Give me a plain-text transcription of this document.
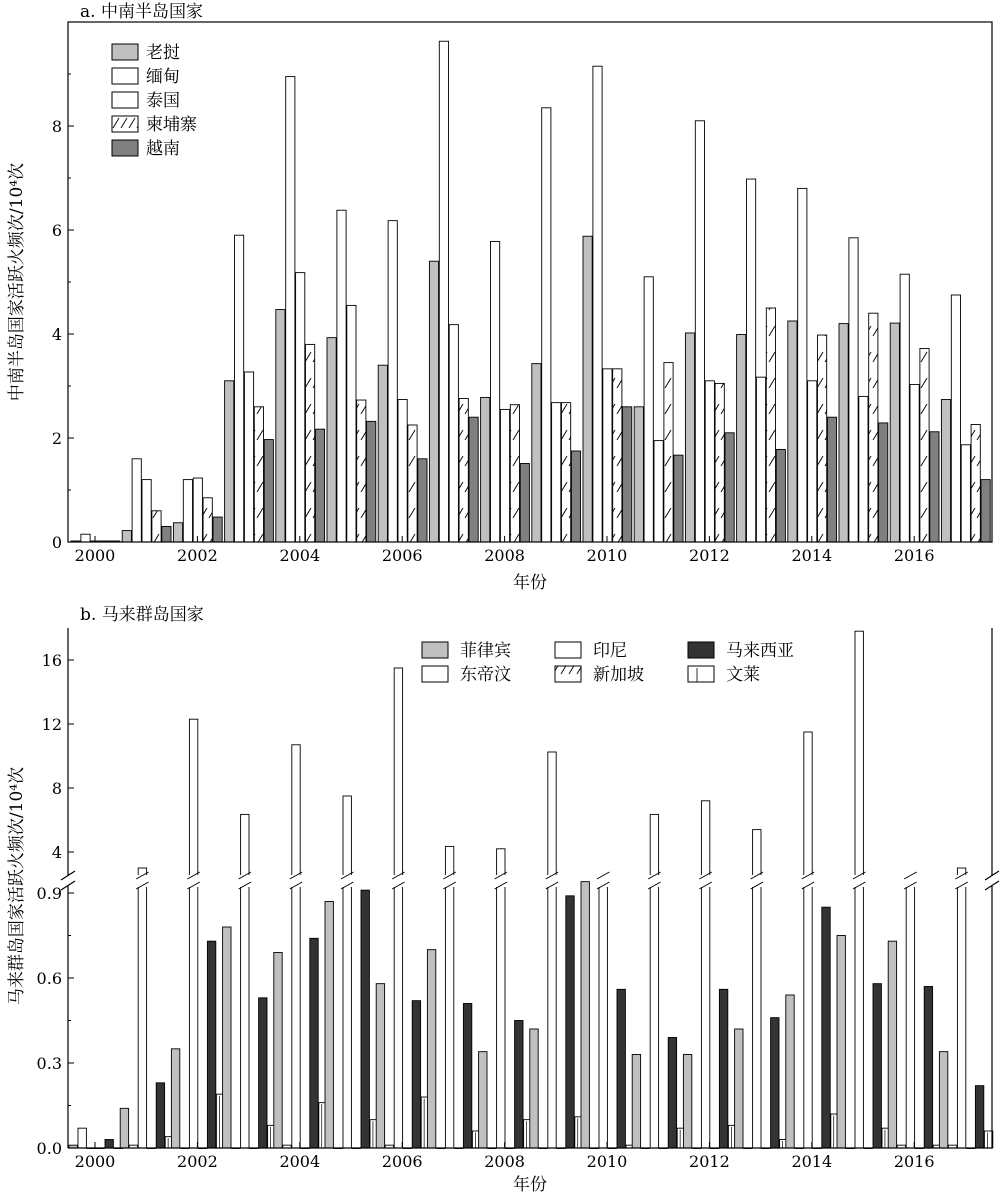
a. 中南半岛国家
0
2
4
6
8
2000	2002	2004	2006	2008	2010	2012	2014	2016
年份
中南半岛国家活跃火频次/10⁴次
老挝
缅甸
泰国
柬埔寨
越南
b. 马来群岛国家
4
8
12
16
0.0
0.3
0.6
0.9
2000	2002	2004	2006	2008	2010	2012	2014	2016
年份
马来群岛国家活跃火频次/10⁴次
菲律宾
东帝汶
印尼
新加坡
马来西亚
文莱
